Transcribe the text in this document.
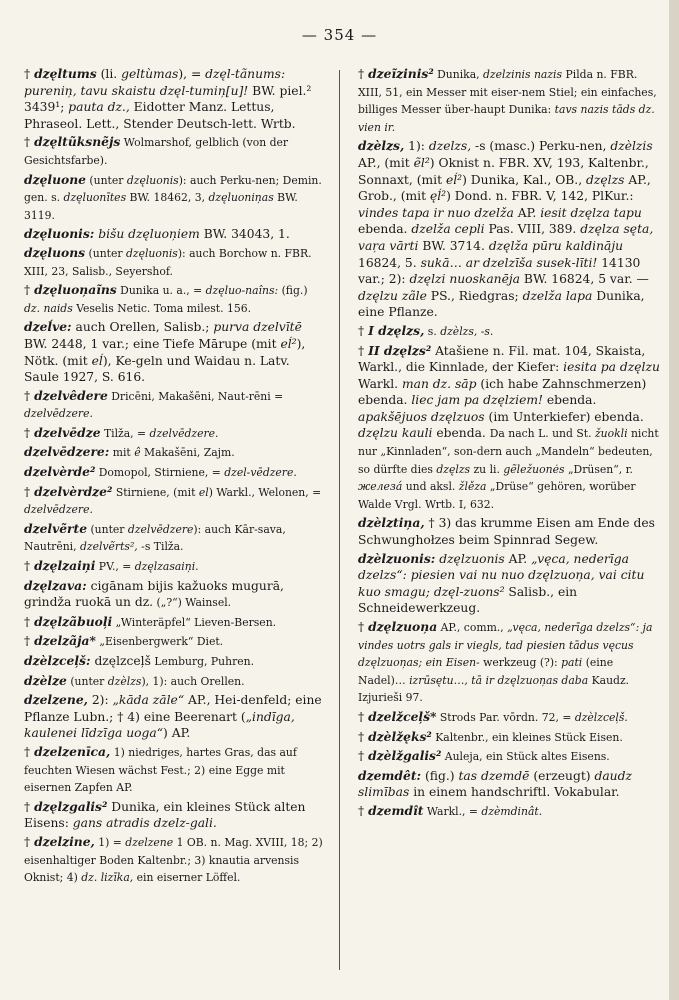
— 354 —

† dzęltums (li. geltùmas), = dzęl-tãnums: pureniņ, tavu skaistu dzęl-tumiņ[u]! BW. piel.² 3439¹; pauta dz., Eidotter Manz. Lettus, Phraseol. Lett., Stender Deutsch-lett. Wrtb.

† dzęltũksnẽjs Wolmarshof, gelblich (von der Gesichtsfarbe).

dzęluone (unter dzęluonis): auch Perku-nen; Demin. gen. s. dzęluonītes BW. 18462, 3, dzęluoniņas BW. 3119.

dzęluonis: bišu dzęluoņiem BW. 34043, 1.

dzęluons (unter dzęluonis): auch Borchow n. FBR. XIII, 23, Salisb., Seyershof.

† dzęluoņaĩns Dunika u. a., = dzęluo-naîns: (fig.) dz. naids Veselis Netic. Toma milest. 156.

dzeĺve: auch Orellen, Salisb.; purva dzelvītē BW. 2448, 1 var.; eine Tiefe Mārupe (mit eĺ²), Nötk. (mit eĺ), Ke-geln und Waidau n. Latv. Saule 1927, S. 616.

† dzelvêdere Dricēni, Makašēni, Naut-rēni = dzelvēdzere.

† dzelvēdze Tilža, = dzelvēdzere.

dzelvēdzere: mit ê Makašēni, Zajm.

dzelvèrde² Domopol, Stirniene, = dzel-vēdzere.

† dzelvèrdze² Stirniene, (mit el) Warkl., Welonen, = dzelvēdzere.

dzelvẽrte (unter dzelvēdzere): auch Kār-sava, Nautrēni, dzelvẽrts², -s Tilža.

† dzęlzaiņi PV., = dzęlzasaiņi.

dzęlzava: cigānam bijis kažuoks mugurā, grindža ruokā un dz. („?“) Wainsel.

† dzęlzãbuoļi „Winteräpfel“ Lieven-Bersen.

† dzelzãja* „Eisenbergwerk“ Diet.

dzèlzceļš: dzęlzceļš Lemburg, Puhren.

dzèlze (unter dzèlzs), 1): auch Orellen.

dzelzene, 2): „kāda zāle“ AP., Hei-denfeld; eine Pflanze Lubn.; † 4) eine Beerenart („indīga, kaulenei līdzīga uoga“) AP.

† dzelzenīca, 1) niedriges, hartes Gras, das auf feuchten Wiesen wächst Fest.; 2) eine Egge mit eisernen Zapfen AP.

† dzęlzgalis² Dunika, ein kleines Stück alten Eisens: gans atradis dzelz-gali.

† dzelzine, 1) = dzelzene 1 OB. n. Mag. XVIII, 18; 2) eisenhaltiger Boden Kaltenbr.; 3) knautia arvensis Oknist; 4) dz. lizīka, ein eiserner Löffel.

† dzeĩzinis² Dunika, dzelzinis nazis Pilda n. FBR. XIII, 51, ein Messer mit eiser-nem Stiel; ein einfaches, billiges Messer über-haupt Dunika: tavs nazis tāds dz. vien ir.

dzèlzs, 1): dzelzs, -s (masc.) Perku-nen, dzèlzis AP., (mit ẽl²) Oknist n. FBR. XV, 193, Kaltenbr., Sonnaxt, (mit eĺ²) Dunika, Kal., OB., dzęlzs AP., Grob., (mit ęĺ²) Dond. n. FBR. V, 142, PlKur.: vindes tapa ir nuo dzelža AP. iesit dzęlza tapu ebenda. dzelža cepli Pas. VIII, 389. dzęlza sęta, vaŗa vārti BW. 3714. dzęlža pūru kaldināju 16824, 5. sukā… ar dzelzīša susek-līti! 14130 var.; 2): dzęlzi nuoskanēja BW. 16824, 5 var. —dzęlzu zãle PS., Riedgras; dzelža lapa Dunika, eine Pflanze.

† I dzęlzs, s. dzèlzs, -s.

† II dzęlzs² Atašiene n. Fil. mat. 104, Skaista, Warkl., die Kinnlade, der Kiefer: iesita pa dzęlzu Warkl. man dz. sāp (ich habe Zahnschmerzen) ebenda. liec jam pa dzęlziem! ebenda. apakšējuos dzęlzuos (im Unterkiefer) ebenda. dzęlzu kauli ebenda. Da nach L. und St. žuokli nicht nur „Kinnladen“, son-dern auch „Mandeln“ bedeuten, so dürfte dies dzęlzs zu li. gẽležuonės „Drüsen“, r. железá und aksl. žlěza „Drüse“ gehören, worüber Walde Vrgl. Wrtb. I, 632.

dzèlztiņa, † 3) das krumme Eisen am Ende des Schwunghołzes beim Spinnrad Segew.

dzèlzuonis: dzęlzuonis AP. „vęca, nederīga dzelzs“: piesien vai nu nuo dzęlzuoņa, vai citu kuo smagu; dzęl-zuons² Salisb., ein Schneidewerkzeug.

† dzęlzuoņa AP., comm., „vęca, nederīga dzelzs“: ja vindes uotrs gals ir viegls, tad piesien tādus vęcus dzęlzuoņas; ein Eisen- werkzeug (?): pati (eine Nadel)… izrūsętu…, tā ir dzęlzuoņas daba Kaudz. Izjurieši 97.

† dzelžceļš* Strods Par. vōrdn. 72, = dzèlzceļš.

† dzèlžęks² Kaltenbr., ein kleines Stück Eisen.

† dzèlžgalis² Auleja, ein Stück altes Eisens.

dzemdêt: (fig.) tas dzemdē (erzeugt) daudz slimības in einem handschriftl. Vokabular.

† dzemdît Warkl., = dzèmdinât.
